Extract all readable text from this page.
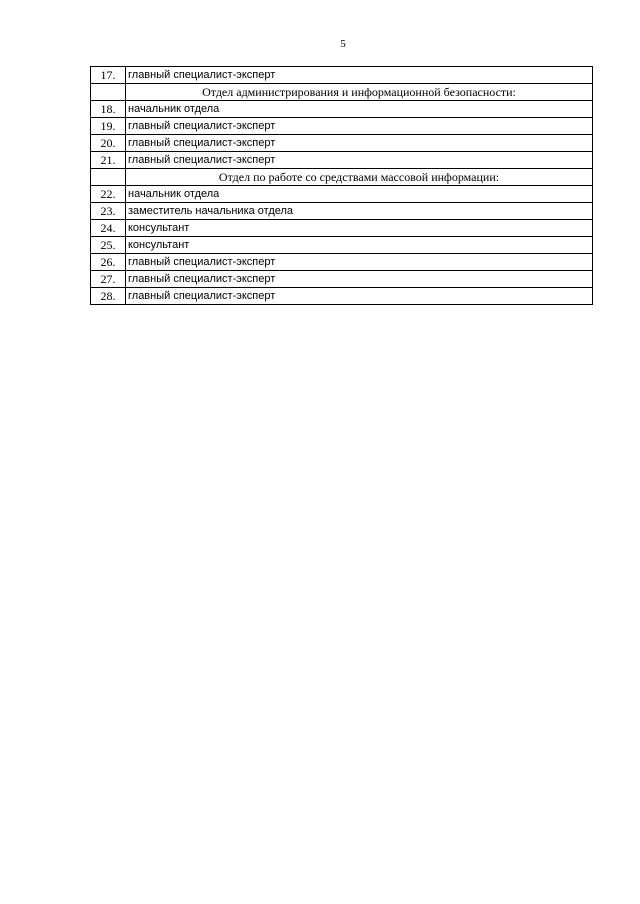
5
17.	главный специалист-эксперт
	Отдел администрирования и информационной безопасности:
18.	начальник отдела
19.	главный специалист-эксперт
20.	главный специалист-эксперт
21.	главный специалист-эксперт
	Отдел по работе со средствами массовой информации:
22.	начальник отдела
23.	заместитель начальника отдела
24.	консультант
25.	консультант
26.	главный специалист-эксперт
27.	главный специалист-эксперт
28.	главный специалист-эксперт
